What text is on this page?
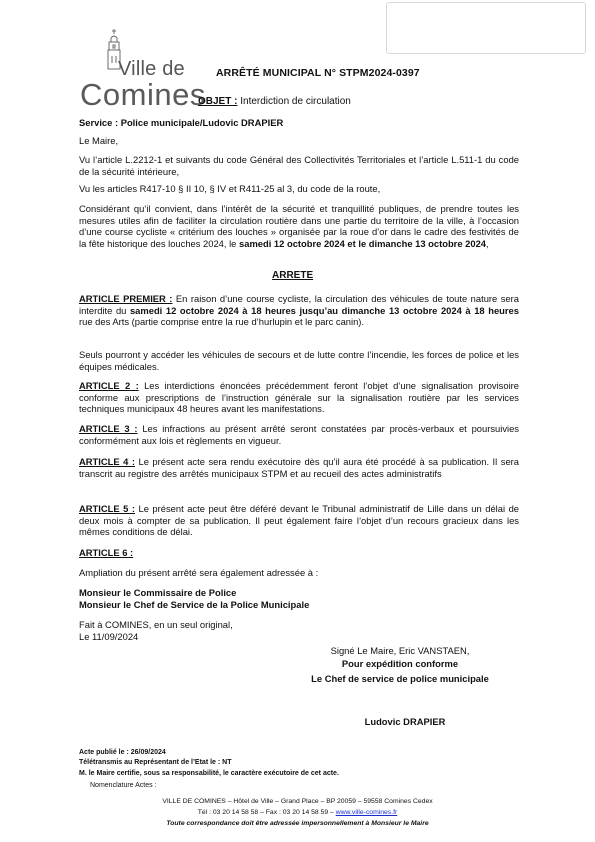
Ville de
Comines
ARRÊTÉ MUNICIPAL N° STPM2024-0397
OBJET : Interdiction de circulation
Service : Police municipale/Ludovic DRAPIER
Le Maire,
Vu l’article L.2212-1 et suivants du code Général des Collectivités Territoriales et l’article L.511-1 du code de la sécurité intérieure,
Vu les articles R417-10 § II 10, § IV et R411-25 al 3, du code de la route,
Considérant qu’il convient, dans l’intérêt de la sécurité et tranquillité publiques, de prendre toutes les mesures utiles afin de faciliter la circulation routière dans une partie du territoire de la ville, à l’occasion d’une course cycliste « critérium des louches » organisée par la roue d’or dans le cadre des festivités de la fête historique des louches 2024, le samedi 12 octobre 2024 et le dimanche 13 octobre 2024,
ARRETE
ARTICLE PREMIER : En raison d’une course cycliste, la circulation des véhicules de toute nature sera interdite du samedi 12 octobre 2024 à 18 heures jusqu’au dimanche 13 octobre 2024 à 18 heures rue des Arts (partie comprise entre la rue d’hurlupin et le parc canin).
Seuls pourront y accéder les véhicules de secours et de lutte contre l’incendie, les forces de police et les équipes médicales.
ARTICLE 2 : Les interdictions énoncées précédemment feront l’objet d’une signalisation provisoire conforme aux prescriptions de l’instruction générale sur la signalisation routière par les services techniques municipaux 48 heures avant les manifestations.
ARTICLE 3 : Les infractions au présent arrêté seront constatées par procès-verbaux et poursuivies conformément aux lois et règlements en vigueur.
ARTICLE 4 : Le présent acte sera rendu exécutoire dès qu’il aura été procédé à sa publication. Il sera transcrit au registre des arrêtés municipaux STPM et au recueil des actes administratifs
ARTICLE 5 : Le présent acte peut être déféré devant le Tribunal administratif de Lille dans un délai de deux mois à compter de sa publication. Il peut également faire l’objet d’un recours gracieux dans les mêmes conditions de délai.
ARTICLE 6 :
Ampliation du présent arrêté sera également adressée à :
Monsieur le Commissaire de Police
Monsieur le Chef de Service de la Police Municipale
Fait à COMINES, en un seul original,
Le 11/09/2024
Signé Le Maire, Eric VANSTAEN,
Pour expédition conforme
Le Chef de service de police municipale
Ludovic DRAPIER
Acte publié le : 26/09/2024
Télétransmis au Représentant de l’Etat le : NT
M. le Maire certifie, sous sa responsabilité, le caractère exécutoire de cet acte.
Nomenclature Actes :
VILLE DE COMINES – Hôtel de Ville – Grand Place – BP 20059 – 59558 Comines Cedex
Tél : 03 20 14 58 58 – Fax : 03 20 14 58 59 – www.ville-comines.fr
Toute correspondance doit être adressée impersonnellement à Monsieur le Maire
